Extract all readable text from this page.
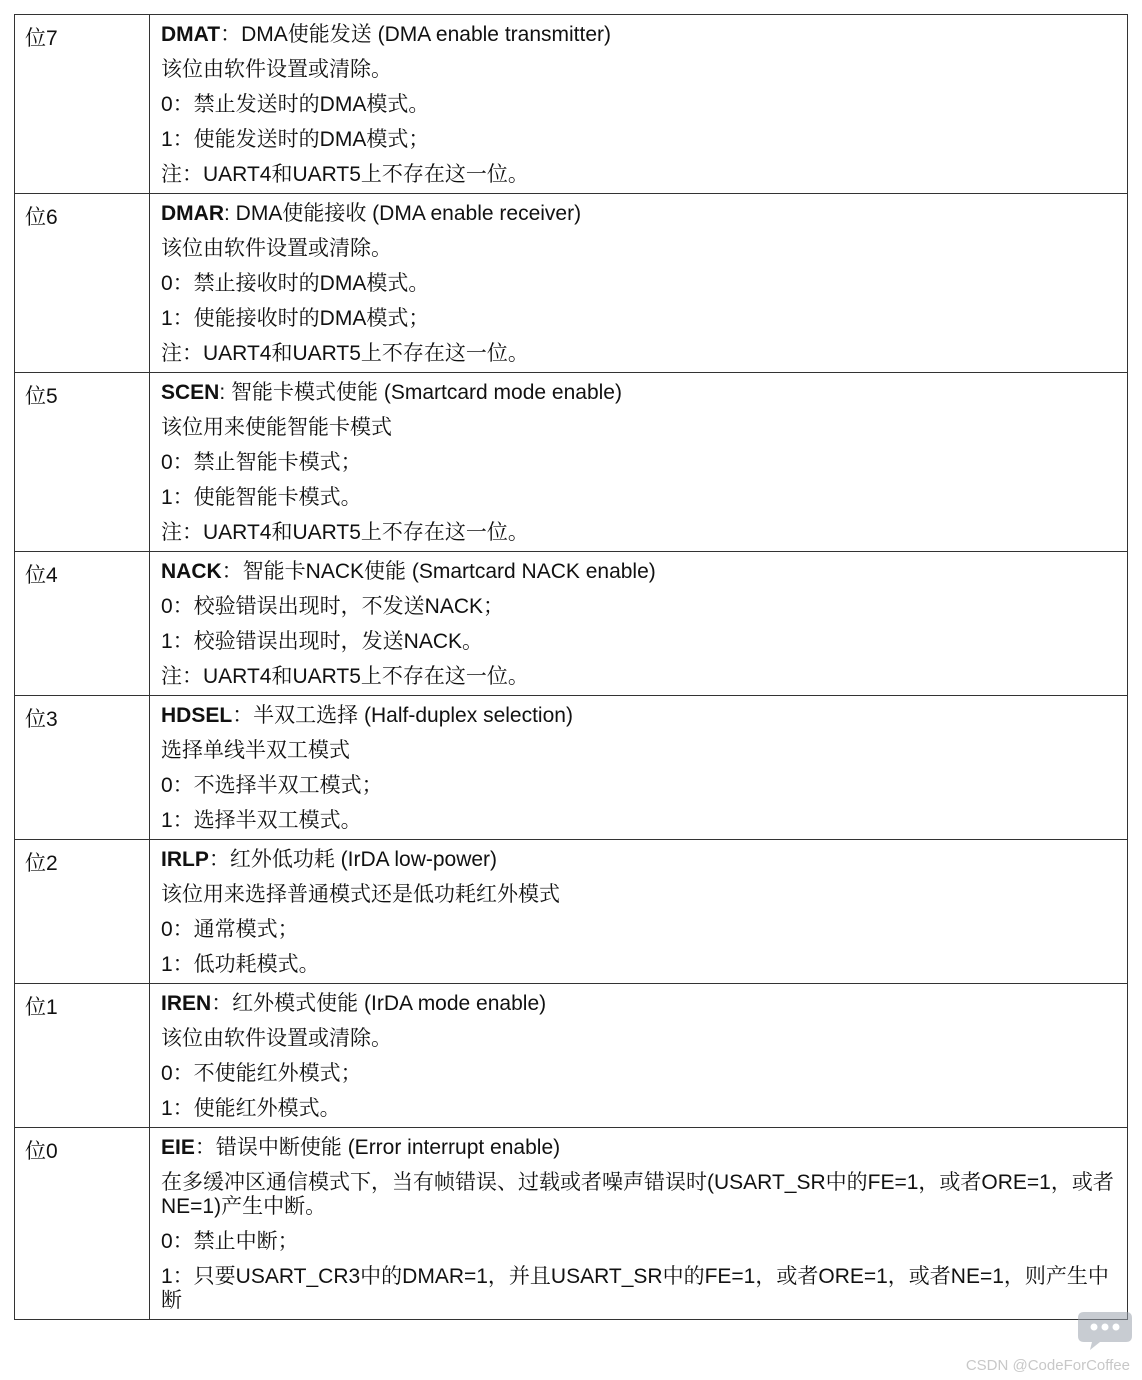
位7	DMAT：DMA使能发送 (DMA enable transmitter)
该位由软件设置或清除。
0：禁止发送时的DMA模式。
1：使能发送时的DMA模式；
注：UART4和UART5上不存在这一位。

位6	DMAR: DMA使能接收 (DMA enable receiver)
该位由软件设置或清除。
0：禁止接收时的DMA模式。
1：使能接收时的DMA模式；
注：UART4和UART5上不存在这一位。

位5	SCEN: 智能卡模式使能 (Smartcard mode enable)
该位用来使能智能卡模式
0：禁止智能卡模式；
1：使能智能卡模式。
注：UART4和UART5上不存在这一位。

位4	NACK：智能卡NACK使能 (Smartcard NACK enable)
0：校验错误出现时，不发送NACK；
1：校验错误出现时，发送NACK。
注：UART4和UART5上不存在这一位。

位3	HDSEL：半双工选择 (Half-duplex selection)
选择单线半双工模式
0：不选择半双工模式；
1：选择半双工模式。

位2	IRLP：红外低功耗 (IrDA low-power)
该位用来选择普通模式还是低功耗红外模式
0：通常模式；
1：低功耗模式。

位1	IREN：红外模式使能 (IrDA mode enable)
该位由软件设置或清除。
0：不使能红外模式；
1：使能红外模式。

位0	EIE：错误中断使能 (Error interrupt enable)
在多缓冲区通信模式下，当有帧错误、过载或者噪声错误时(USART_SR中的FE=1，或者ORE=1，或者NE=1)产生中断。
0：禁止中断；
1：只要USART_CR3中的DMAR=1，并且USART_SR中的FE=1，或者ORE=1，或者NE=1，则产生中断
CSDN @CodeForCoffee
